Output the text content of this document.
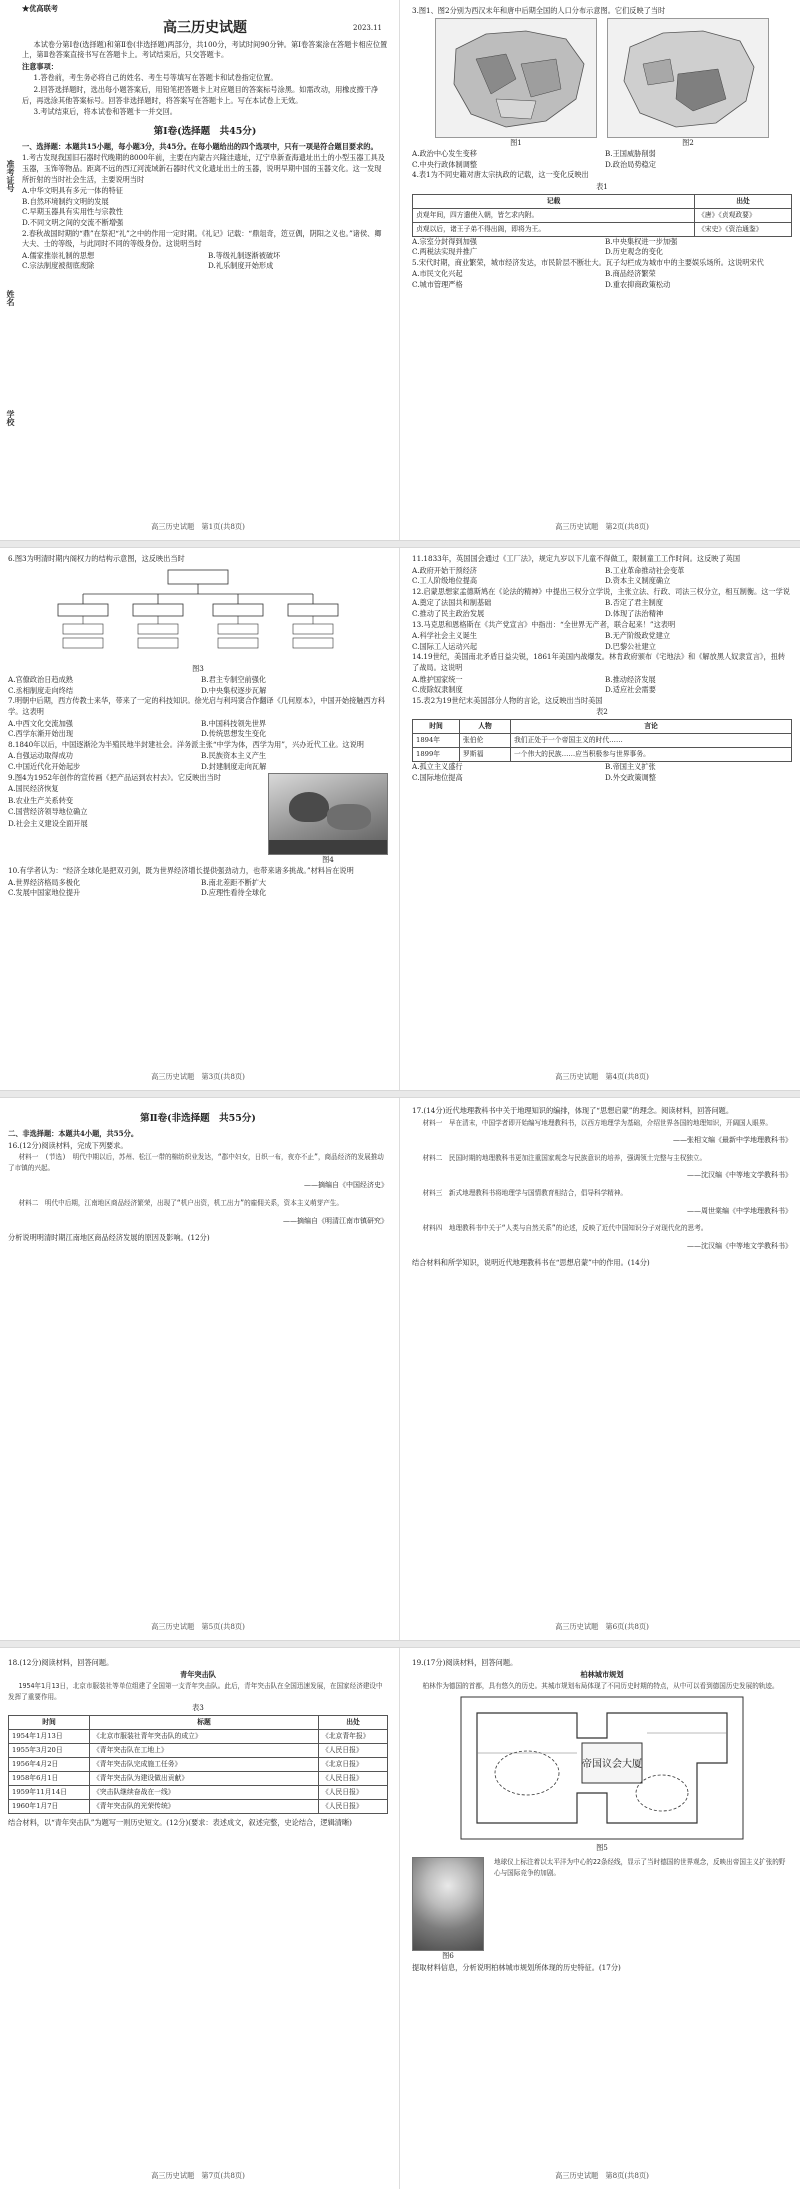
准考证号
姓名
学校
★优高联考
高三历史试题	2023.11

本试卷分第Ⅰ卷(选择题)和第Ⅱ卷(非选择题)两部分，共100分，考试时间90分钟。第Ⅰ卷答案涂在答题卡相应位置上，第Ⅱ卷答案直接书写在答题卡上。考试结束后，只交答题卡。

注意事项：

1.答卷前，考生务必将自己的姓名、考生号等填写在答题卡和试卷指定位置。

2.回答选择题时，选出每小题答案后，用铅笔把答题卡上对应题目的答案标号涂黑。如需改动，用橡皮擦干净后，再选涂其他答案标号。回答非选择题时，将答案写在答题卡上。写在本试卷上无效。

3.考试结束后，将本试卷和答题卡一并交回。

第Ⅰ卷(选择题　共45分)

一、选择题：本题共15小题，每小题3分，共45分。在每小题给出的四个选项中，只有一项是符合题目要求的。

1.考古发现我国旧石器时代晚期的8000年前，主要在内蒙古兴隆洼遗址，辽宁阜新查海遗址出土的小型玉器工具及玉器，玉饰等物品。距离不远的西辽河流域新石器时代文化遗址出土的玉器，说明早期中国的玉器文化。这一发现所折射的当时社会生活，主要说明当时

A.中华文明具有多元一体的特征
B.自然环境制约文明的发展
C.早期玉器具有实用性与宗教性
D.不同文明之间的交流不断增强

2.春秋战国时期的“鼎”在祭祀“礼”之中的作用一定时期。《礼记》记载：“鼎俎奇，笾豆偶，阴阳之义也。”诸侯、卿大夫、士的等级，与此同时不同的等级身份。这说明当时

A.儒家推崇礼制的思想	B.等级礼制逐渐被破坏
C.宗法制度被彻底废除	D.礼乐制度开始形成
高三历史试题　第1页(共8页)

3.图1、图2分别为西汉末年和唐中后期全国的人口分布示意图。它们反映了当时

图1	图2
A.政治中心发生变移	B.王国威胁削弱
C.中央行政体制调整	D.政治局势稳定

4.表1为不同史籍对唐太宗执政的记载，这一变化反映出

表1
记载	出处
贞观年间，四方遣使入朝，皆乞求内附。	《唐》《贞观政要》
贞观以后，诸王子弟不得出阁，即将为王。	《宋史》《资治通鉴》
A.宗室分封得到加强	B.中央集权进一步加强
C.两税法实现并推广	D.历史观念的变化

5.宋代时期，商业繁荣，城市经济发达，市民阶层不断壮大。瓦子勾栏成为城市中的主要娱乐场所。这说明宋代

A.市民文化兴起	B.商品经济繁荣
C.城市管理严格	D.重农抑商政策松动
高三历史试题　第2页(共8页)

6.图3为明清时期内阁权力的结构示意图，这反映出当时

图3
A.官僚政治日趋成熟	B.君主专制空前强化
C.丞相制度走向终结	D.中央集权逐步瓦解

7.明朝中后期，西方传教士来华，带来了一定的科技知识。徐光启与利玛窦合作翻译《几何原本》，中国开始接触西方科学。这表明

A.中西文化交流加强	B.中国科技领先世界
C.西学东渐开始出现	D.传统思想发生变化

8.1840年以后，中国逐渐沦为半殖民地半封建社会。洋务派主张“中学为体，西学为用”，兴办近代工业。这说明

A.自强运动取得成功	B.民族资本主义产生
C.中国近代化开始起步	D.封建制度走向瓦解

9.图4为1952年创作的宣传画《把产品运到农村去》。它反映出当时

A.国民经济恢复
B.农业生产关系转变
C.国营经济领导地位确立
D.社会主义建设全面开展
图4

10.有学者认为：“经济全球化是把双刃剑，既为世界经济增长提供强劲动力，也带来诸多挑战。”材料旨在说明

A.世界经济格局多极化	B.南北差距不断扩大
C.发展中国家地位提升	D.应理性看待全球化
高三历史试题　第3页(共8页)

11.1833年，英国国会通过《工厂法》，规定九岁以下儿童不得做工，限制童工工作时间。这反映了英国

A.政府开始干预经济	B.工业革命推动社会变革
C.工人阶级地位提高	D.资本主义制度确立

12.启蒙思想家孟德斯鸠在《论法的精神》中提出三权分立学说，主张立法、行政、司法三权分立，相互制衡。这一学说

A.奠定了法国共和制基础	B.否定了君主制度
C.推动了民主政治发展	D.体现了法治精神

13.马克思和恩格斯在《共产党宣言》中指出：“全世界无产者，联合起来！”这表明

A.科学社会主义诞生	B.无产阶级政党建立
C.国际工人运动兴起	D.巴黎公社建立

14.19世纪，美国南北矛盾日益尖锐，1861年美国内战爆发。林肯政府颁布《宅地法》和《解放黑人奴隶宣言》，扭转了战局。这说明

A.维护国家统一	B.推动经济发展
C.废除奴隶制度	D.适应社会需要

15.表2为19世纪末美国部分人物的言论，这反映出当时美国

表2
时间	人物	言论
1894年	张伯伦	我们正处于一个帝国主义的时代……
1899年	罗斯福	一个伟大的民族……应当积极参与世界事务。
A.孤立主义盛行	B.帝国主义扩张
C.国际地位提高	D.外交政策调整
高三历史试题　第4页(共8页)
第Ⅱ卷(非选择题　共55分)

二、非选择题：本题共4小题，共55分。

16.(12分)阅读材料，完成下列要求。

材料一　(节选)　明代中期以后，苏州、松江一带的棉纺织业发达，“郡中妇女，日织一布，夜亦不止”，商品经济的发展推动了市镇的兴起。

——摘编自《中国经济史》

材料二　明代中后期，江南地区商品经济繁荣，出现了“机户出资，机工出力”的雇佣关系，资本主义萌芽产生。

——摘编自《明清江南市镇研究》

分析说明明清时期江南地区商品经济发展的原因及影响。(12分)

高三历史试题　第5页(共8页)

17.(14分)近代地理教科书中关于地理知识的编排，体现了“思想启蒙”的理念。阅读材料，回答问题。

材料一　早在清末，中国学者即开始编写地理教科书，以西方地理学为基础，介绍世界各国的地理知识，开阔国人眼界。

——张相文编《最新中学地理教科书》

材料二　民国时期的地理教科书更加注重国家观念与民族意识的培养，强调领土完整与主权独立。

——沈汉编《中等地文学教科书》

材料三　新式地理教科书将地理学与国情教育相结合，倡导科学精神。

——周世棠编《中学地理教科书》

材料四　地理教科书中关于“人类与自然关系”的论述，反映了近代中国知识分子对现代化的思考。

——沈汉编《中等地文学教科书》

结合材料和所学知识，说明近代地理教科书在“思想启蒙”中的作用。(14分)

高三历史试题　第6页(共8页)

18.(12分)阅读材料，回答问题。

青年突击队

1954年1月13日，北京市服装社等单位组建了全国第一支青年突击队。此后，青年突击队在全国迅速发展，在国家经济建设中发挥了重要作用。

表3
时间	标题	出处
1954年1月13日	《北京市服装社青年突击队的成立》	《北京青年报》
1955年3月20日	《青年突击队在工地上》	《人民日报》
1956年4月2日	《青年突击队完成施工任务》	《北京日报》
1958年6月1日	《青年突击队为建设做出贡献》	《人民日报》
1959年11月14日	《突击队继续奋战在一线》	《人民日报》
1960年1月7日	《青年突击队的光荣传统》	《人民日报》

结合材料，以“青年突击队”为题写一则历史短文。(12分)(要求：表述成文，叙述完整，史论结合，逻辑清晰)

高三历史试题　第7页(共8页)

19.(17分)阅读材料，回答问题。

柏林城市规划

柏林作为德国的首都，具有悠久的历史。其城市规划布局体现了不同历史时期的特点，从中可以看到德国历史发展的轨迹。

帝国议会大厦
图5
图6

地球仪上标注着以太平洋为中心的22条经线，显示了当时德国的世界观念，反映出帝国主义扩张的野心与国际竞争的加剧。

提取材料信息，分析说明柏林城市规划所体现的历史特征。(17分)

高三历史试题　第8页(共8页)
